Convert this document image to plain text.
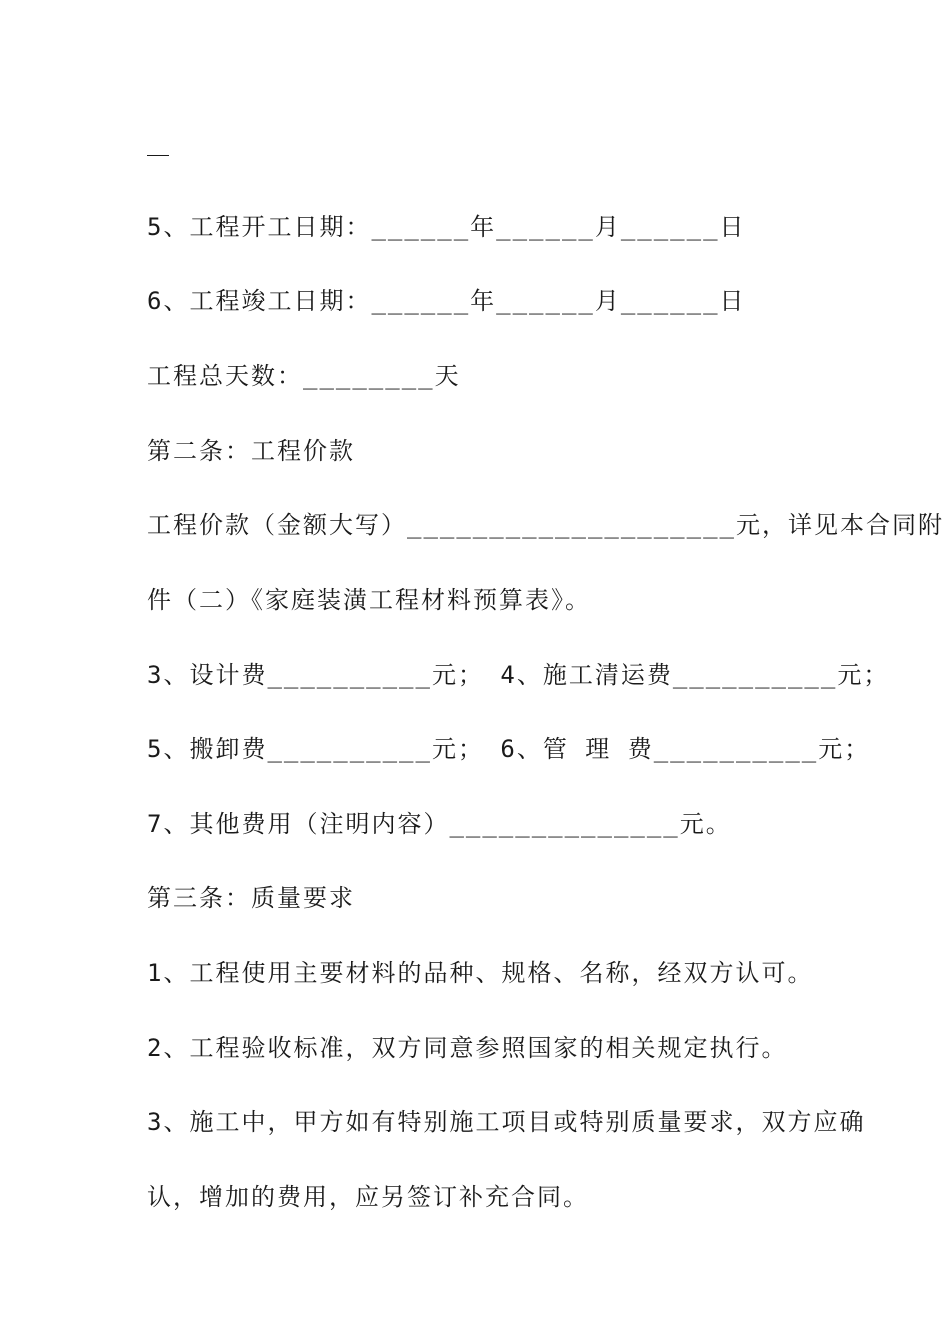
5、工程开工日期：______年______月______日
6、工程竣工日期：______年______月______日
工程总天数：________天
第二条：工程价款
工程价款（金额大写）____________________元，详见本合同附
件（二）《家庭装潢工程材料预算表》。
3、设计费__________元； 4、施工清运费__________元；
5、搬卸费__________元； 6、管 理 费__________元；
7、其他费用（注明内容）______________元。
第三条：质量要求
1、工程使用主要材料的品种、规格、名称，经双方认可。
2、工程验收标准，双方同意参照国家的相关规定执行。
3、施工中，甲方如有特别施工项目或特别质量要求，双方应确
认，增加的费用，应另签订补充合同。
